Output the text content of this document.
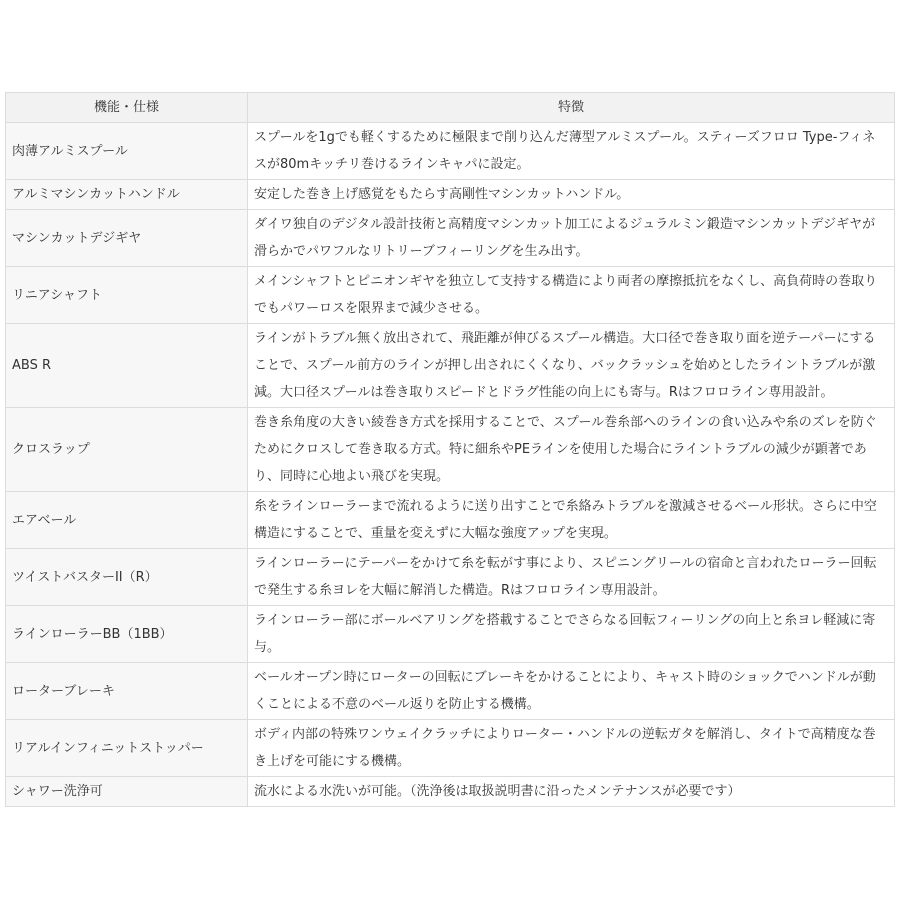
機能・仕様	特徴
肉薄アルミスプール	スプールを1gでも軽くするために極限まで削り込んだ薄型アルミスプール。スティーズフロロ Type-フィネスが80mキッチリ巻けるラインキャパに設定。
アルミマシンカットハンドル	安定した巻き上げ感覚をもたらす高剛性マシンカットハンドル。
マシンカットデジギヤ	ダイワ独自のデジタル設計技術と高精度マシンカット加工によるジュラルミン鍛造マシンカットデジギヤが滑らかでパワフルなリトリーブフィーリングを生み出す。
リニアシャフト	メインシャフトとピニオンギヤを独立して支持する構造により両者の摩擦抵抗をなくし、高負荷時の巻取りでもパワーロスを限界まで減少させる。
ABS R	ラインがトラブル無く放出されて、飛距離が伸びるスプール構造。大口径で巻き取り面を逆テーパーにすることで、スプール前方のラインが押し出されにくくなり、バックラッシュを始めとしたライントラブルが激減。大口径スプールは巻き取りスピードとドラグ性能の向上にも寄与。Rはフロロライン専用設計。
クロスラップ	巻き糸角度の大きい綾巻き方式を採用することで、スプール巻糸部へのラインの食い込みや糸のズレを防ぐためにクロスして巻き取る方式。特に細糸やPEラインを使用した場合にライントラブルの減少が顕著であり、同時に心地よい飛びを実現。
エアベール	糸をラインローラーまで流れるように送り出すことで糸絡みトラブルを激減させるベール形状。さらに中空構造にすることで、重量を変えずに大幅な強度アップを実現。
ツイストバスターII（R）	ラインローラーにテーパーをかけて糸を転がす事により、スピニングリールの宿命と言われたローラー回転で発生する糸ヨレを大幅に解消した構造。Rはフロロライン専用設計。
ラインローラーBB（1BB）	ラインローラー部にボールベアリングを搭載することでさらなる回転フィーリングの向上と糸ヨレ軽減に寄与。
ローターブレーキ	ベールオープン時にローターの回転にブレーキをかけることにより、キャスト時のショックでハンドルが動くことによる不意のベール返りを防止する機構。
リアルインフィニットストッパー	ボディ内部の特殊ワンウェイクラッチによりローター・ハンドルの逆転ガタを解消し、タイトで高精度な巻き上げを可能にする機構。
シャワー洗浄可	流水による水洗いが可能。（洗浄後は取扱説明書に沿ったメンテナンスが必要です）
